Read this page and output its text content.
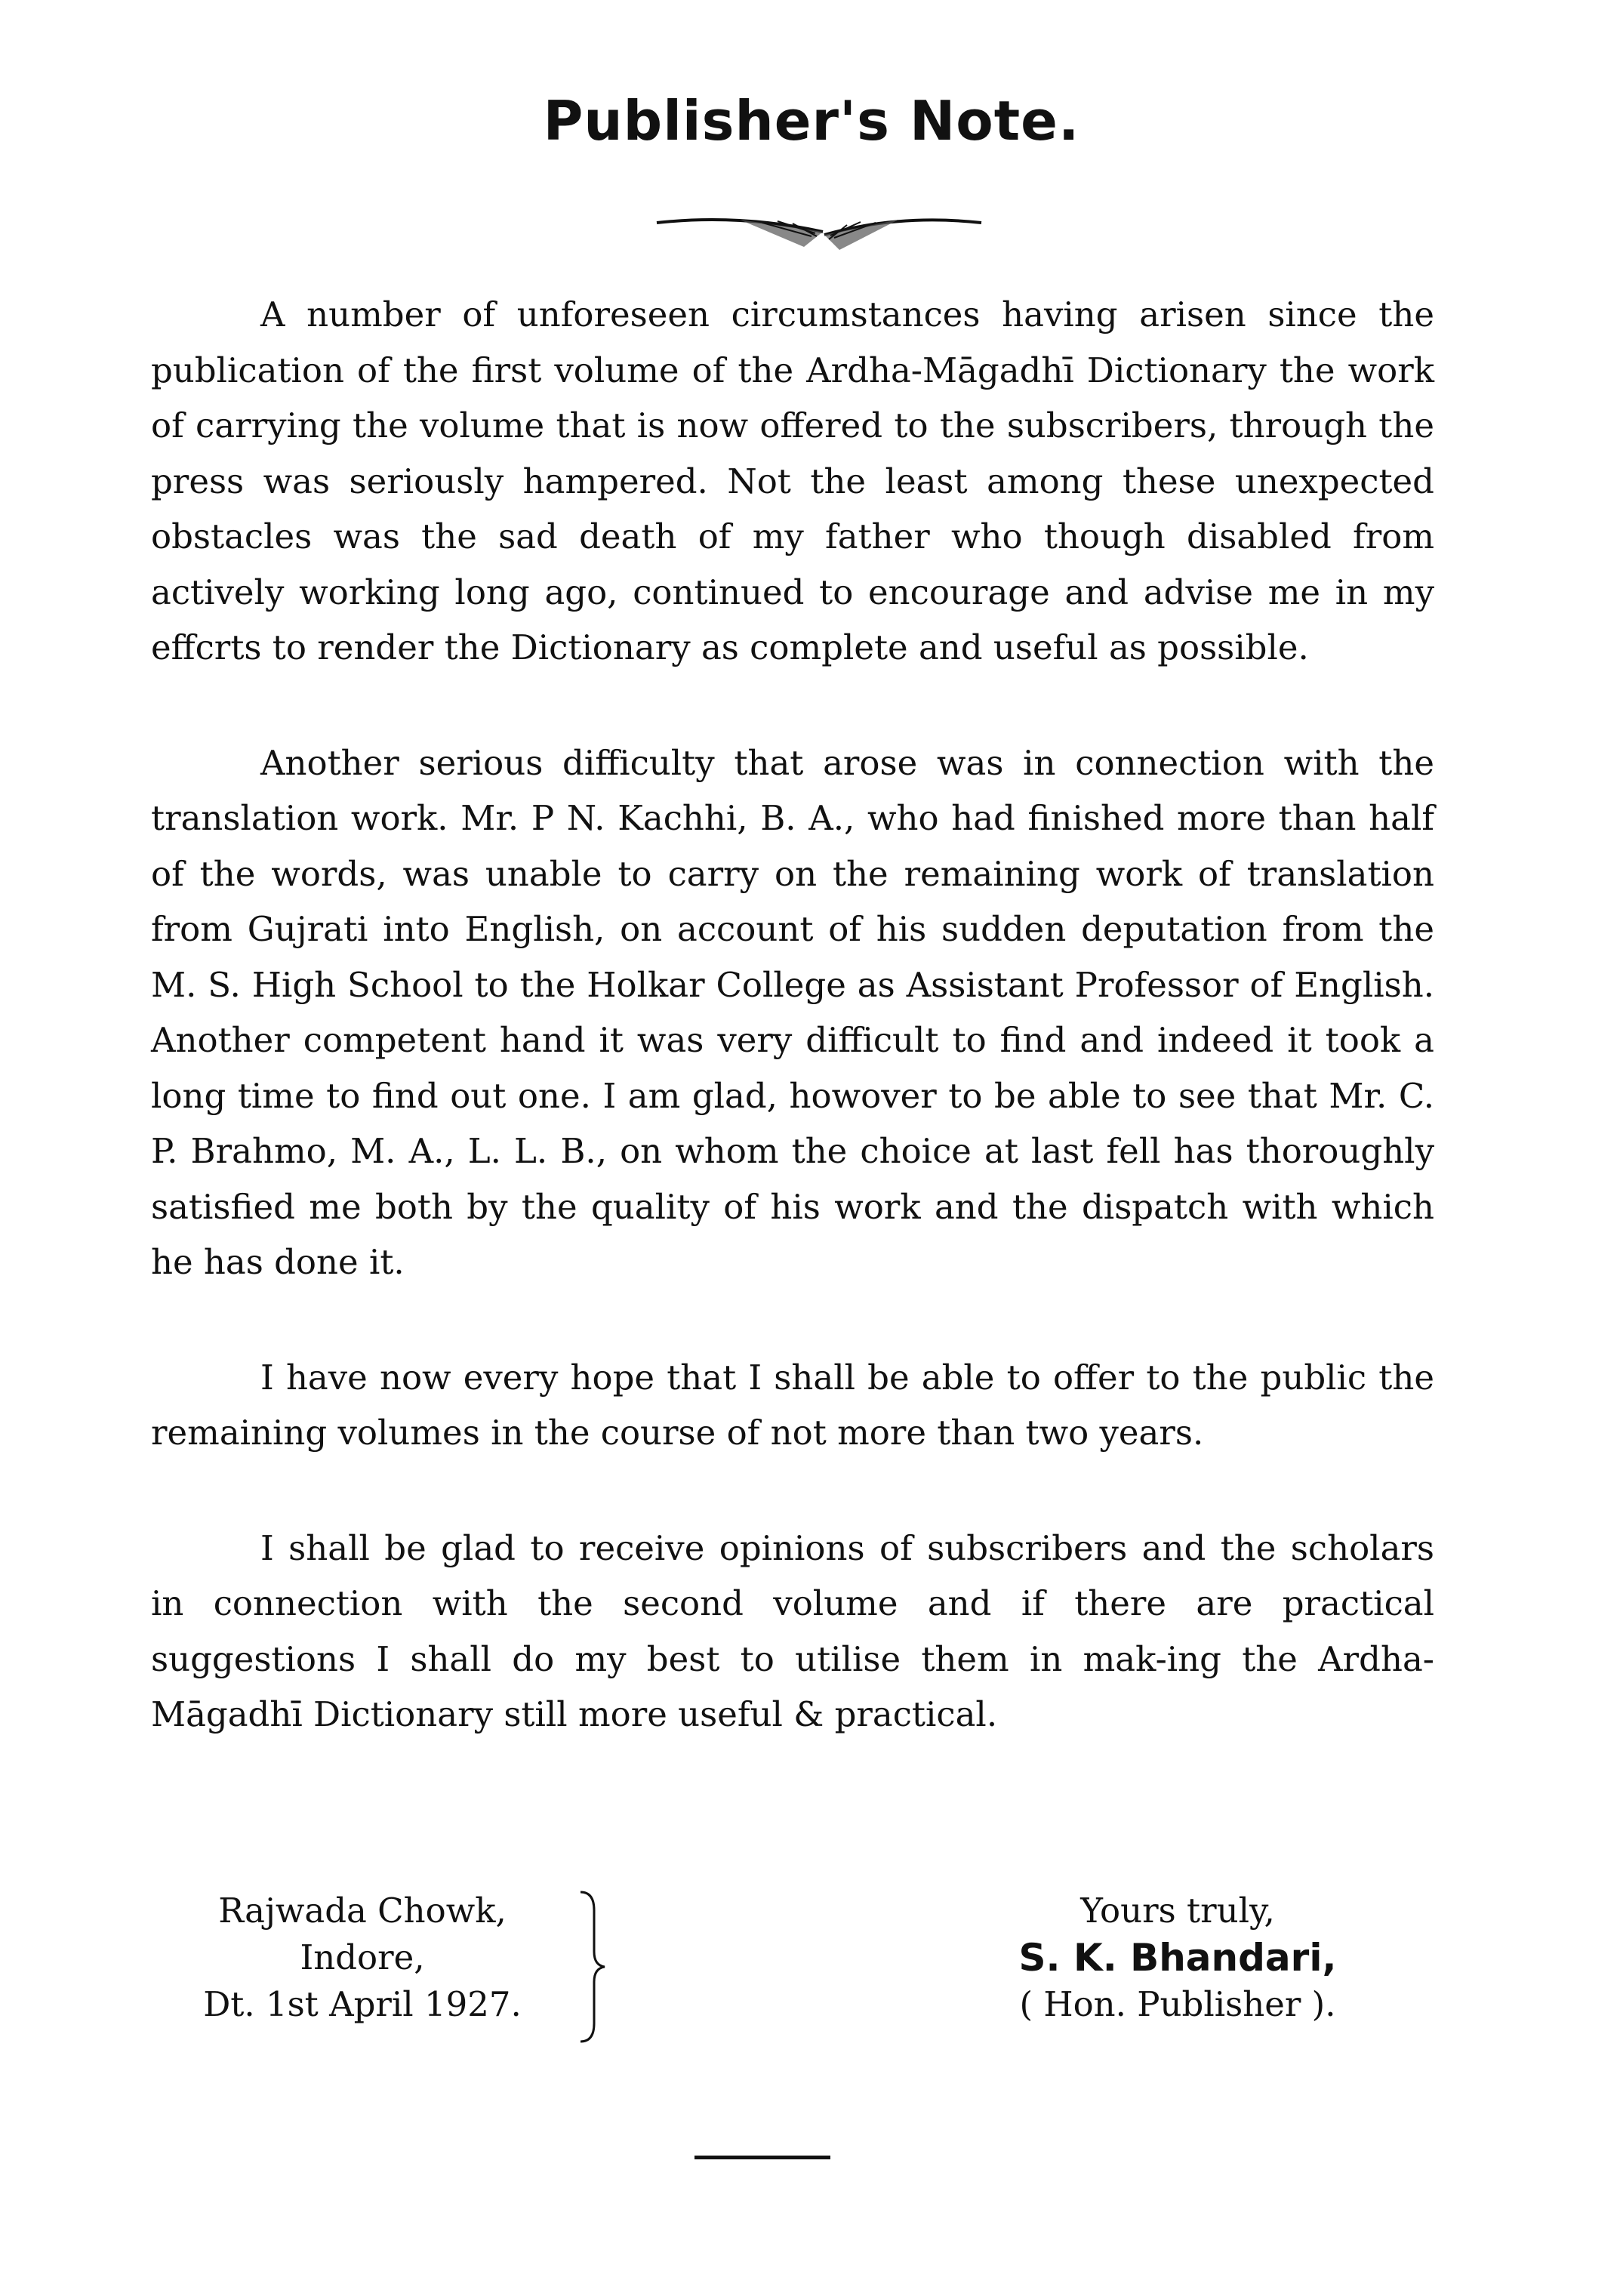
Publisher's Note.

A number of unforeseen circumstances having arisen since the publication of the first volume of the Ardha-Māgadhī Dictionary the work of carrying the volume that is now offered to the subscribers, through the press was seriously hampered. Not the least among these unexpected obstacles was the sad death of my father who though disabled from actively working long ago, continued to encourage and advise me in my effcrts to render the Dictionary as complete and useful as possible.

Another serious difficulty that arose was in connection with the translation work. Mr. P N. Kachhi, B. A., who had finished more than half of the words, was unable to carry on the remaining work of translation from Gujrati into English, on account of his sudden deputation from the M. S. High School to the Holkar College as Assistant Professor of English. Another competent hand it was very difficult to find and indeed it took a long time to find out one. I am glad, howover to be able to see that Mr. C. P. Brahmo, M. A., L. L. B., on whom the choice at last fell has thoroughly satisfied me both by the quality of his work and the dispatch with which he has done it.

I have now every hope that I shall be able to offer to the public the remaining volumes in the course of not more than two years.

I shall be glad to receive opinions of subscribers and the scholars in connection with the second volume and if there are practical suggestions I shall do my best to utilise them in mak-ing the Ardha-Māgadhī Dictionary still more useful & practical.

Rajwada Chowk,
Indore,
Dt. 1st April 1927.
Yours truly,
S. K. Bhandari,
( Hon. Publisher ).
